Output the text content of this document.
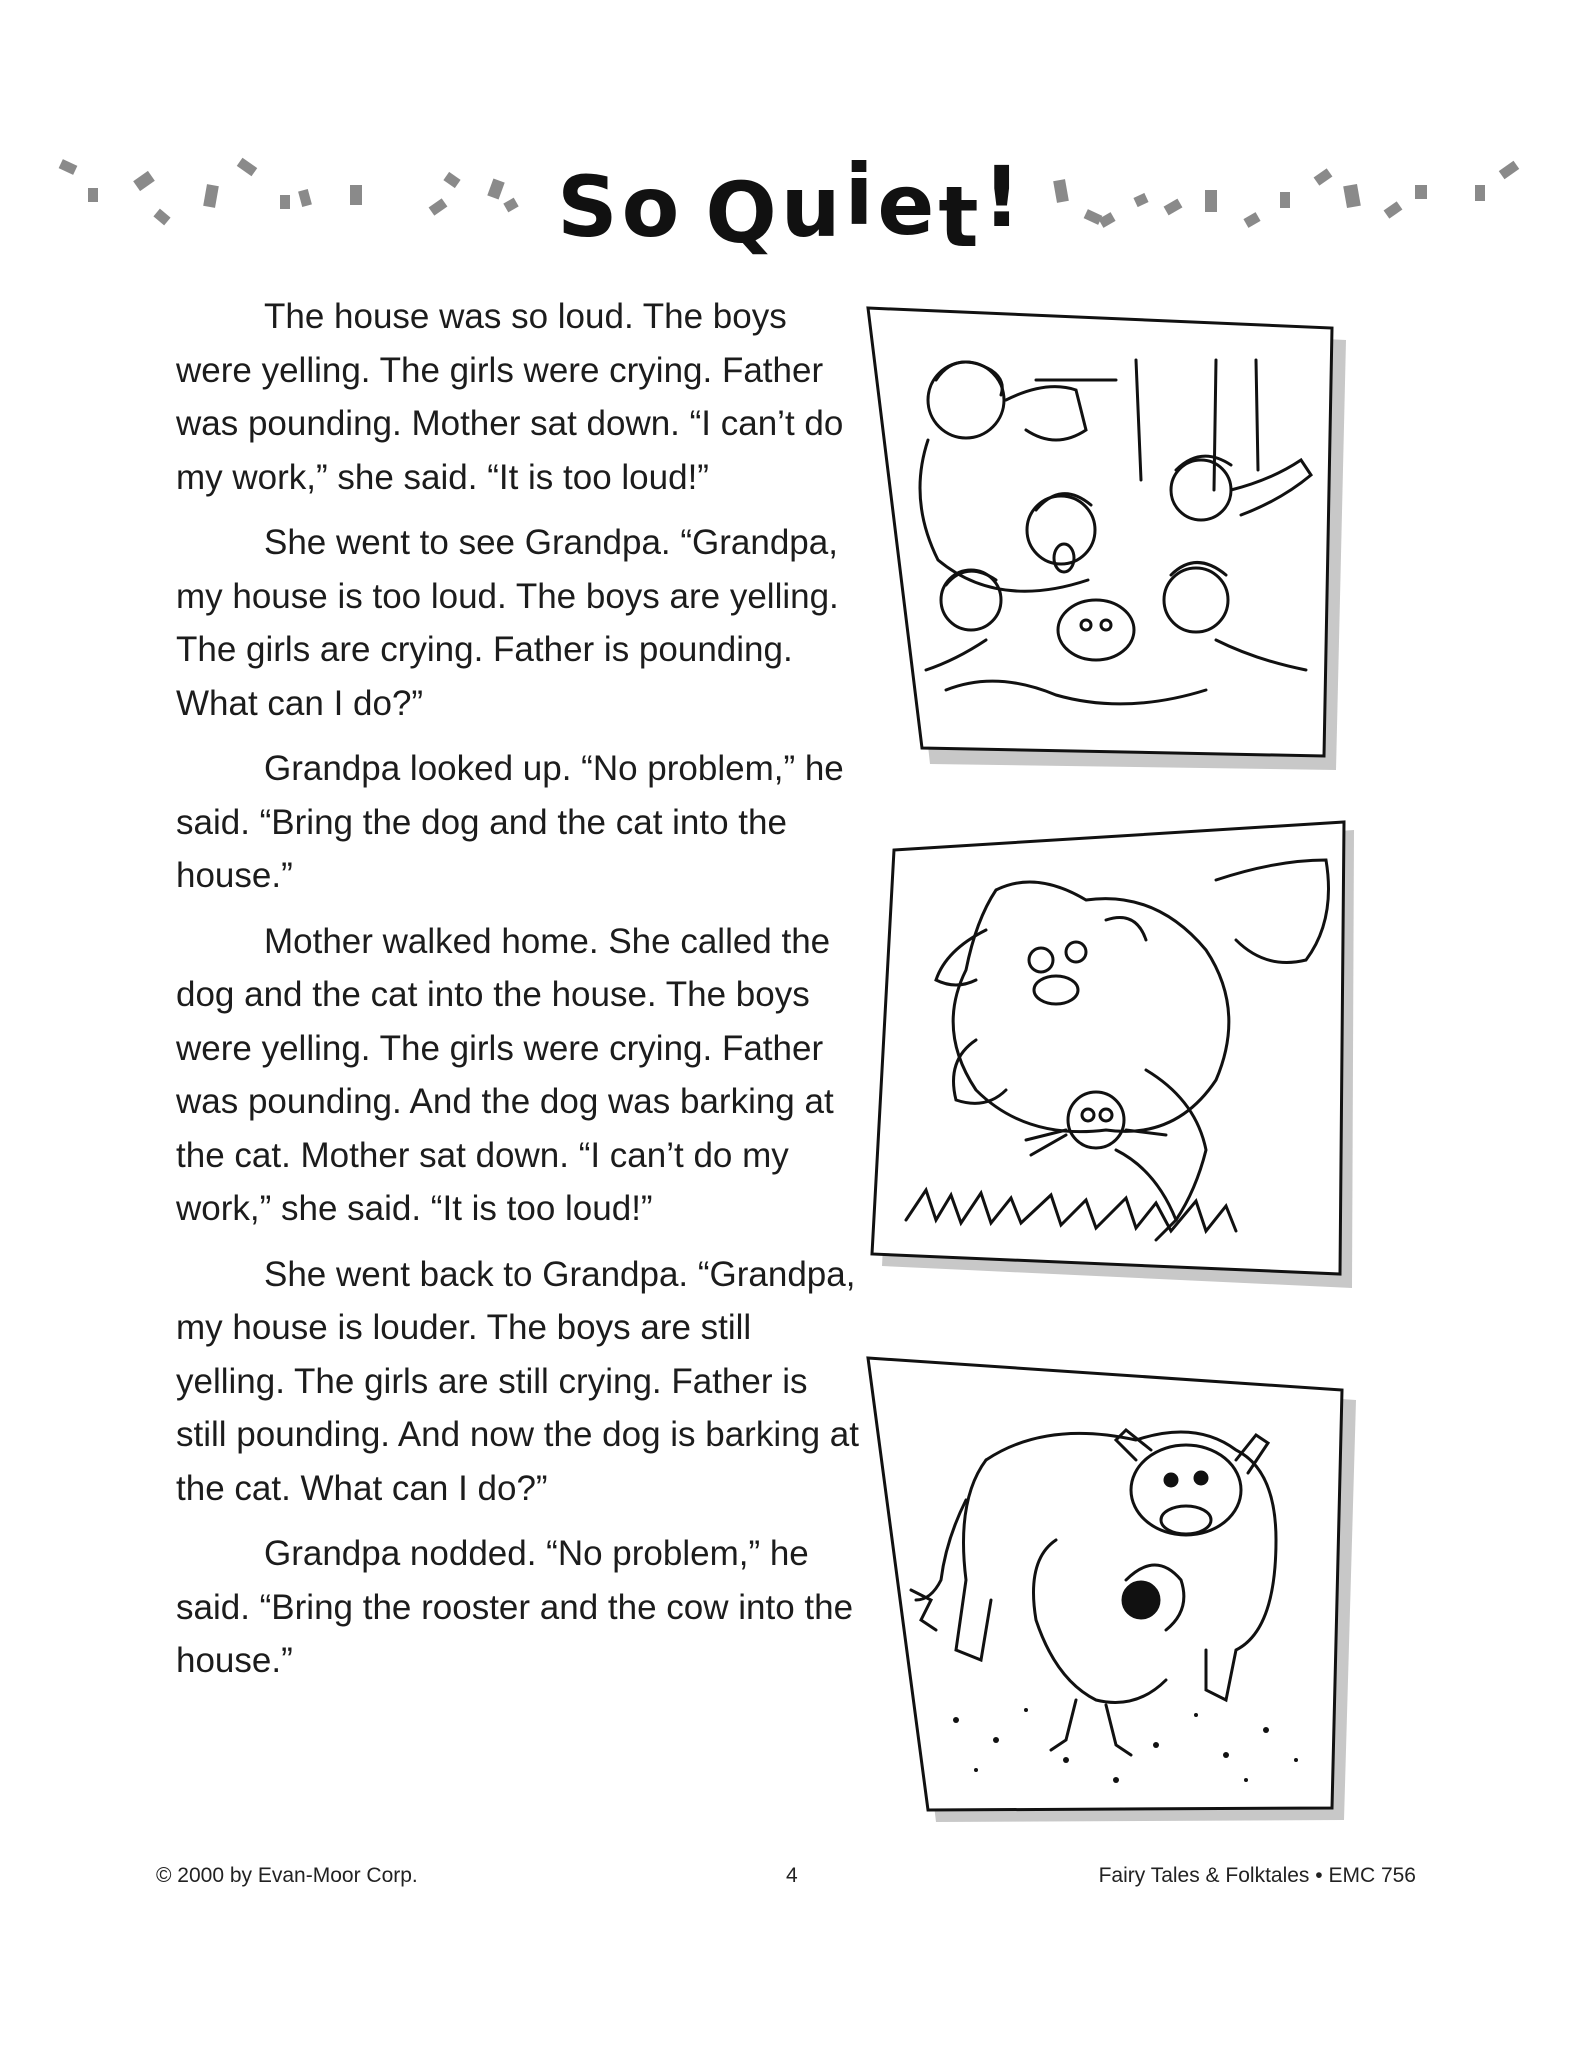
So Quiet!

The house was so loud. The boys were yelling. The girls were crying. Father was pounding. Mother sat down. “I can’t do my work,” she said. “It is too loud!”

She went to see Grandpa. “Grandpa, my house is too loud. The boys are yelling. The girls are crying. Father is pounding. What can I do?”

Grandpa looked up. “No problem,” he said. “Bring the dog and the cat into the house.”

Mother walked home. She called the dog and the cat into the house. The boys were yelling. The girls were crying. Father was pounding. And the dog was barking at the cat. Mother sat down. “I can’t do my work,” she said. “It is too loud!”

She went back to Grandpa. “Grandpa, my house is louder. The boys are still yelling. The girls are still crying. Father is still pounding. And now the dog is barking at the cat. What can I do?”

Grandpa nodded. “No problem,” he said. “Bring the rooster and the cow into the house.”

© 2000 by Evan-Moor Corp.	4	Fairy Tales & Folktales • EMC 756
